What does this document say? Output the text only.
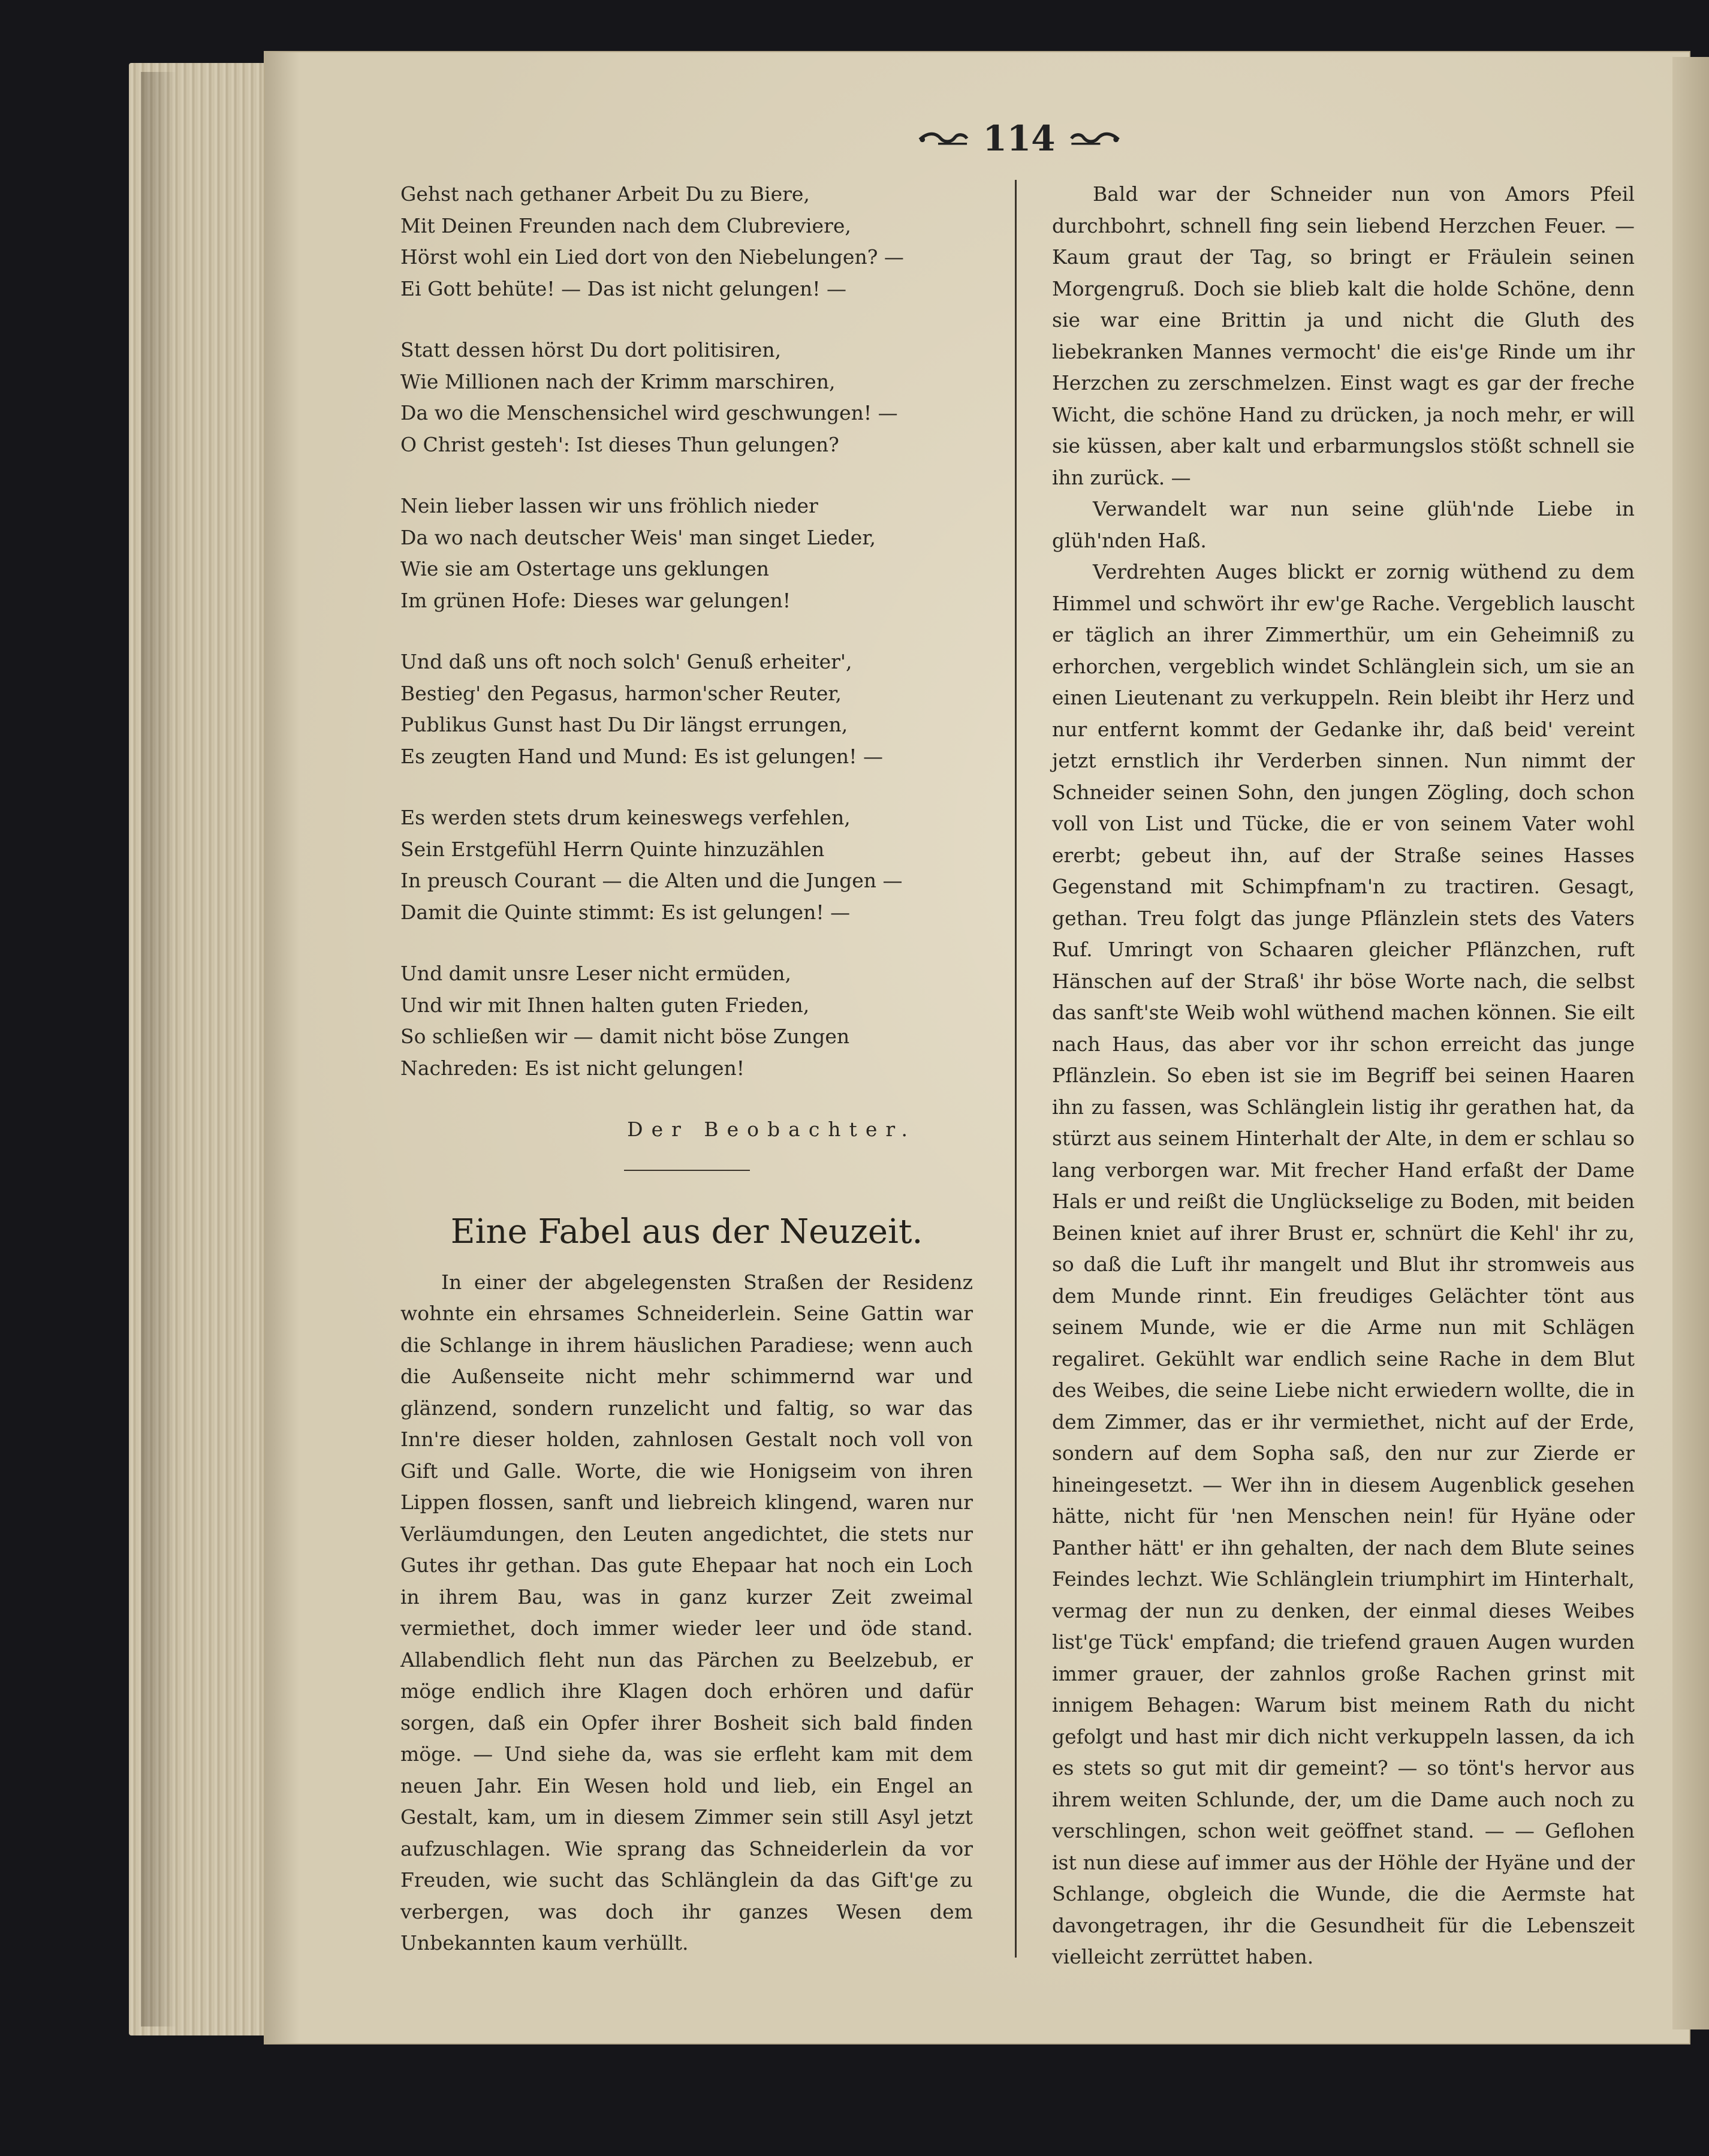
114
Gehst nach gethaner Arbeit Du zu Biere,
Mit Deinen Freunden nach dem Clubreviere,
Hörst wohl ein Lied dort von den Niebelungen? —
Ei Gott behüte! — Das ist nicht gelungen! —
Statt dessen hörst Du dort politisiren,
Wie Millionen nach der Krimm marschiren,
Da wo die Menschensichel wird geschwungen! —
O Christ gesteh': Ist dieses Thun gelungen?
Nein lieber lassen wir uns fröhlich nieder
Da wo nach deutscher Weis' man singet Lieder,
Wie sie am Ostertage uns geklungen
Im grünen Hofe: Dieses war gelungen!
Und daß uns oft noch solch' Genuß erheiter',
Bestieg' den Pegasus, harmon'scher Reuter,
Publikus Gunst hast Du Dir längst errungen,
Es zeugten Hand und Mund: Es ist gelungen! —
Es werden stets drum keineswegs verfehlen,
Sein Erstgefühl Herrn Quinte hinzuzählen
In preusch Courant — die Alten und die Jungen —
Damit die Quinte stimmt: Es ist gelungen! —
Und damit unsre Leser nicht ermüden,
Und wir mit Ihnen halten guten Frieden,
So schließen wir — damit nicht böse Zungen
Nachreden: Es ist nicht gelungen!
Der Beobachter.
Eine Fabel aus der Neuzeit.
In einer der abgelegensten Straßen der Residenz wohnte ein ehrsames Schneiderlein. Seine Gattin war die Schlange in ihrem häuslichen Paradiese; wenn auch die Außenseite nicht mehr schimmernd war und glänzend, sondern runzelicht und faltig, so war das Inn're dieser holden, zahnlosen Gestalt noch voll von Gift und Galle. Worte, die wie Honigseim von ihren Lippen flossen, sanft und liebreich klingend, waren nur Verläumdungen, den Leuten angedichtet, die stets nur Gutes ihr gethan. Das gute Ehepaar hat noch ein Loch in ihrem Bau, was in ganz kurzer Zeit zweimal vermiethet, doch immer wieder leer und öde stand. Allabendlich fleht nun das Pärchen zu Beelzebub, er möge endlich ihre Klagen doch erhören und dafür sorgen, daß ein Opfer ihrer Bosheit sich bald finden möge. — Und siehe da, was sie erfleht kam mit dem neuen Jahr. Ein Wesen hold und lieb, ein Engel an Gestalt, kam, um in diesem Zimmer sein still Asyl jetzt aufzuschlagen. Wie sprang das Schneiderlein da vor Freuden, wie sucht das Schlänglein da das Gift'ge zu verbergen, was doch ihr ganzes Wesen dem Unbekannten kaum verhüllt.

Bald war der Schneider nun von Amors Pfeil durchbohrt, schnell fing sein liebend Herzchen Feuer. — Kaum graut der Tag, so bringt er Fräulein seinen Morgengruß. Doch sie blieb kalt die holde Schöne, denn sie war eine Brittin ja und nicht die Gluth des liebekranken Mannes vermocht' die eis'ge Rinde um ihr Herzchen zu zerschmelzen. Einst wagt es gar der freche Wicht, die schöne Hand zu drücken, ja noch mehr, er will sie küssen, aber kalt und erbarmungslos stößt schnell sie ihn zurück. —

Verwandelt war nun seine glüh'nde Liebe in glüh'nden Haß.

Verdrehten Auges blickt er zornig wüthend zu dem Himmel und schwört ihr ew'ge Rache. Vergeblich lauscht er täglich an ihrer Zimmerthür, um ein Geheimniß zu erhorchen, vergeblich windet Schlänglein sich, um sie an einen Lieutenant zu verkuppeln. Rein bleibt ihr Herz und nur entfernt kommt der Gedanke ihr, daß beid' vereint jetzt ernstlich ihr Verderben sinnen. Nun nimmt der Schneider seinen Sohn, den jungen Zögling, doch schon voll von List und Tücke, die er von seinem Vater wohl ererbt; gebeut ihn, auf der Straße seines Hasses Gegenstand mit Schimpfnam'n zu tractiren. Gesagt, gethan. Treu folgt das junge Pflänzlein stets des Vaters Ruf. Umringt von Schaaren gleicher Pflänzchen, ruft Hänschen auf der Straß' ihr böse Worte nach, die selbst das sanft'ste Weib wohl wüthend machen können. Sie eilt nach Haus, das aber vor ihr schon erreicht das junge Pflänzlein. So eben ist sie im Begriff bei seinen Haaren ihn zu fassen, was Schlänglein listig ihr gerathen hat, da stürzt aus seinem Hinterhalt der Alte, in dem er schlau so lang verborgen war. Mit frecher Hand erfaßt der Dame Hals er und reißt die Unglückselige zu Boden, mit beiden Beinen kniet auf ihrer Brust er, schnürt die Kehl' ihr zu, so daß die Luft ihr mangelt und Blut ihr stromweis aus dem Munde rinnt. Ein freudiges Gelächter tönt aus seinem Munde, wie er die Arme nun mit Schlägen regaliret. Gekühlt war endlich seine Rache in dem Blut des Weibes, die seine Liebe nicht erwiedern wollte, die in dem Zimmer, das er ihr vermiethet, nicht auf der Erde, sondern auf dem Sopha saß, den nur zur Zierde er hineingesetzt. — Wer ihn in diesem Augenblick gesehen hätte, nicht für 'nen Menschen nein! für Hyäne oder Panther hätt' er ihn gehalten, der nach dem Blute seines Feindes lechzt. Wie Schlänglein triumphirt im Hinterhalt, vermag der nun zu denken, der einmal dieses Weibes list'ge Tück' empfand; die triefend grauen Augen wurden immer grauer, der zahnlos große Rachen grinst mit innigem Behagen: Warum bist meinem Rath du nicht gefolgt und hast mir dich nicht verkuppeln lassen, da ich es stets so gut mit dir gemeint? — so tönt's hervor aus ihrem weiten Schlunde, der, um die Dame auch noch zu verschlingen, schon weit geöffnet stand. — — Geflohen ist nun diese auf immer aus der Höhle der Hyäne und der Schlange, obgleich die Wunde, die die Aermste hat davongetragen, ihr die Gesundheit für die Lebenszeit vielleicht zerrüttet haben.
